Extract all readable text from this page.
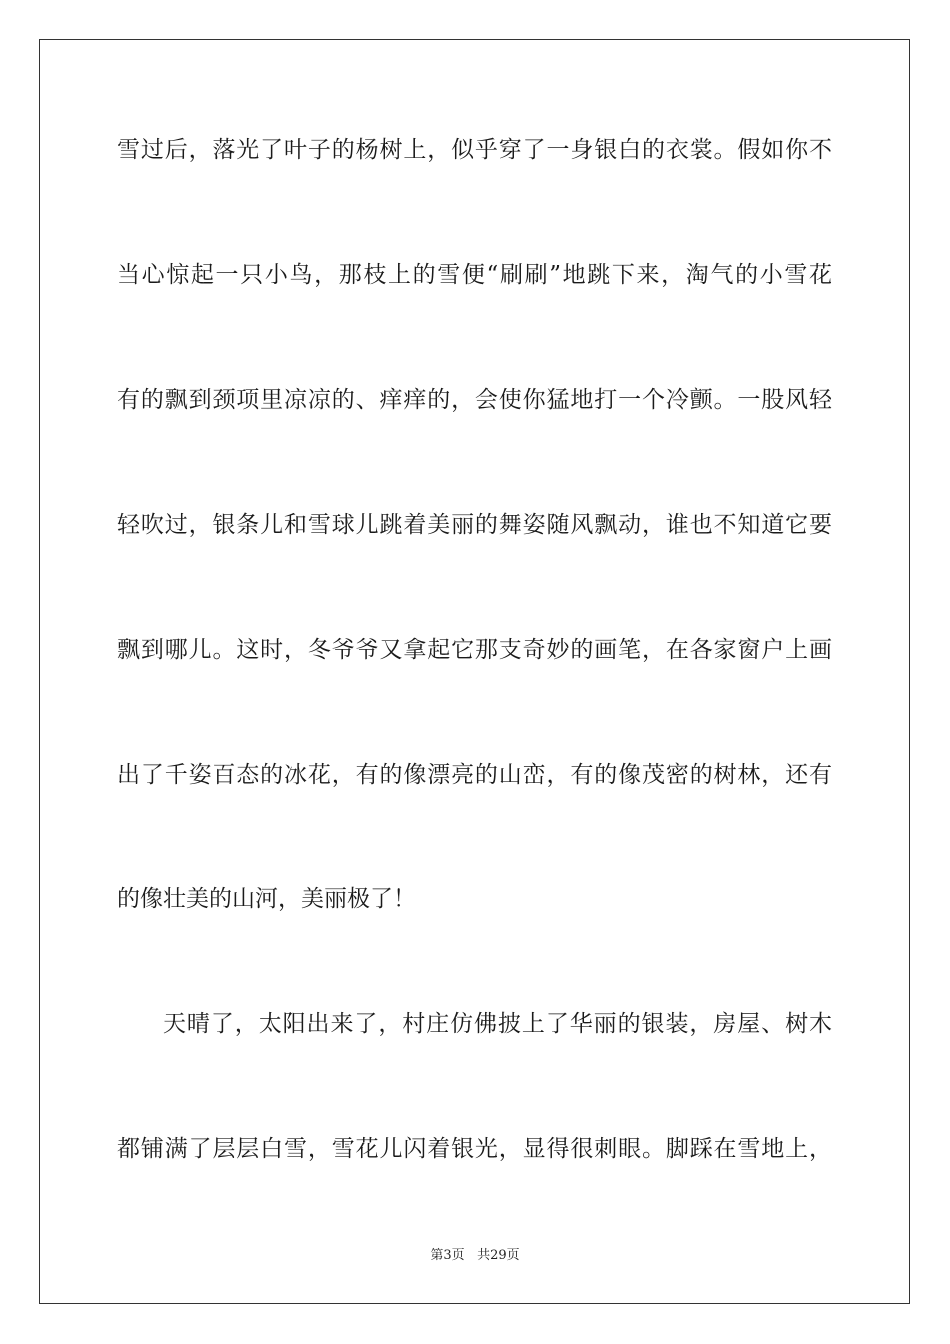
雪过后，落光了叶子的杨树上，似乎穿了一身银白的衣裳。假如你不
当心惊起一只小鸟，那枝上的雪便“刷刷”地跳下来，淘气的小雪花
有的飘到颈项里凉凉的、痒痒的，会使你猛地打一个冷颤。一股风轻
轻吹过，银条儿和雪球儿跳着美丽的舞姿随风飘动，谁也不知道它要
飘到哪儿。这时，冬爷爷又拿起它那支奇妙的画笔，在各家窗户上画
出了千姿百态的冰花，有的像漂亮的山峦，有的像茂密的树林，还有
的像壮美的山河，美丽极了！
天晴了，太阳出来了，村庄仿佛披上了华丽的银装，房屋、树木
都铺满了层层白雪，雪花儿闪着银光，显得很刺眼。脚踩在雪地上，
第3页 共29页
